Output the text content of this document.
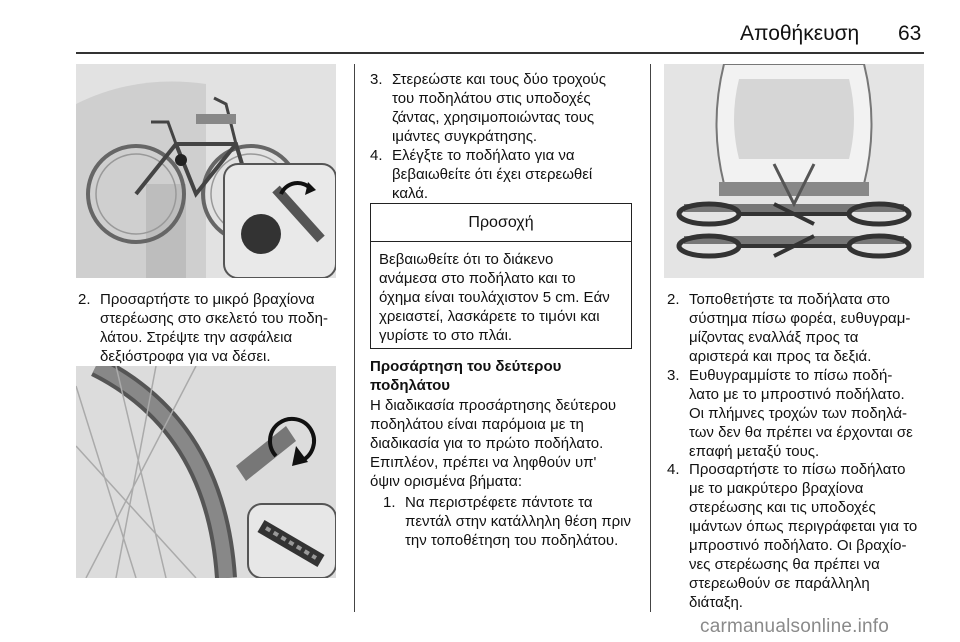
Αποθήκευση 63
2. Προσαρτήστε το μικρό βραχίονα
στερέωσης στο σκελετό του ποδη-
λάτου. Στρέψτε την ασφάλεια
δεξιόστροφα για να δέσει.
3. Στερεώστε και τους δύο τροχούς
του ποδηλάτου στις υποδοχές
ζάντας, χρησιμοποιώντας τους
ιμάντες συγκράτησης.
4. Ελέγξτε το ποδήλατο για να
βεβαιωθείτε ότι έχει στερεωθεί
καλά.
Προσοχή
Βεβαιωθείτε ότι το διάκενο
ανάμεσα στο ποδήλατο και το
όχημα είναι τουλάχιστον 5 cm. Εάν
χρειαστεί, λασκάρετε το τιμόνι και
γυρίστε το στο πλάι.
Προσάρτηση του δεύτερου
ποδηλάτου
Η διαδικασία προσάρτησης δεύτερου
ποδηλάτου είναι παρόμοια με τη
διαδικασία για το πρώτο ποδήλατο.
Επιπλέον, πρέπει να ληφθούν υπ'
όψιν ορισμένα βήματα:
1. Να περιστρέφετε πάντοτε τα
πεντάλ στην κατάλληλη θέση πριν
την τοποθέτηση του ποδηλάτου.
2. Τοποθετήστε τα ποδήλατα στο
σύστημα πίσω φορέα, ευθυγραμ-
μίζοντας εναλλάξ προς τα
αριστερά και προς τα δεξιά.
3. Ευθυγραμμίστε το πίσω ποδή-
λατο με το μπροστινό ποδήλατο.
Οι πλήμνες τροχών των ποδηλά-
των δεν θα πρέπει να έρχονται σε
επαφή μεταξύ τους.
4. Προσαρτήστε το πίσω ποδήλατο
με το μακρύτερο βραχίονα
στερέωσης και τις υποδοχές
ιμάντων όπως περιγράφεται για το
μπροστινό ποδήλατο. Οι βραχίο-
νες στερέωσης θα πρέπει να
στερεωθούν σε παράλληλη
διάταξη.
carmanualsonline.info
